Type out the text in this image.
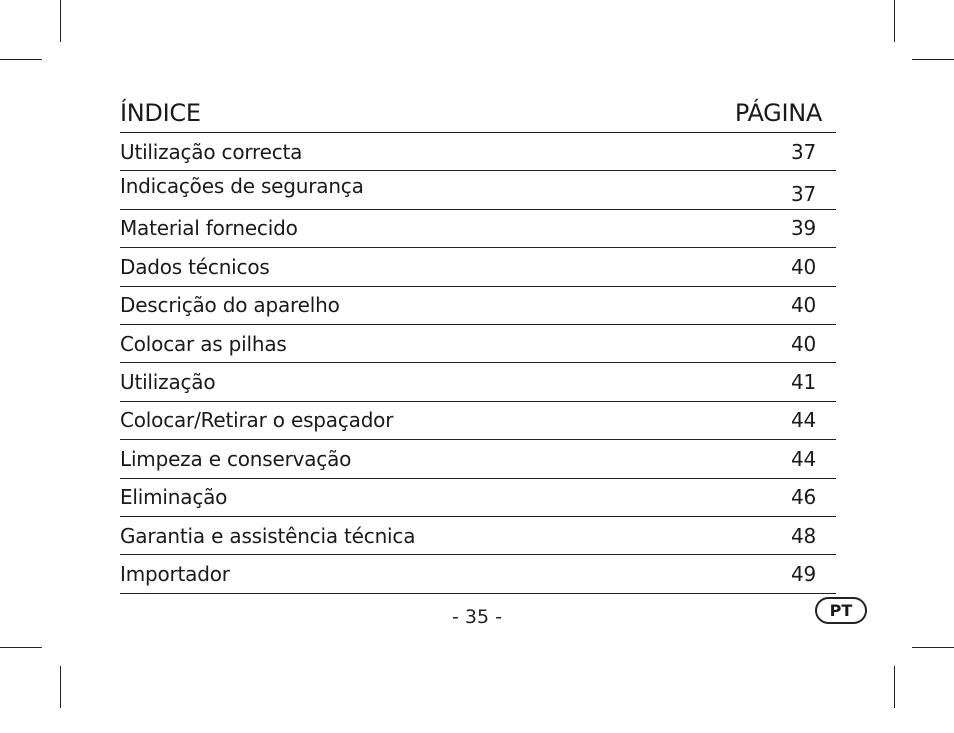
ÍNDICE	PÁGINA
Utilização correcta	37
Indicações de segurança	37
Material fornecido	39
Dados técnicos	40
Descrição do aparelho	40
Colocar as pilhas	40
Utilização	41
Colocar/Retirar o espaçador	44
Limpeza e conservação	44
Eliminação	46
Garantia e assistência técnica	48
Importador	49
- 35 -	PT
